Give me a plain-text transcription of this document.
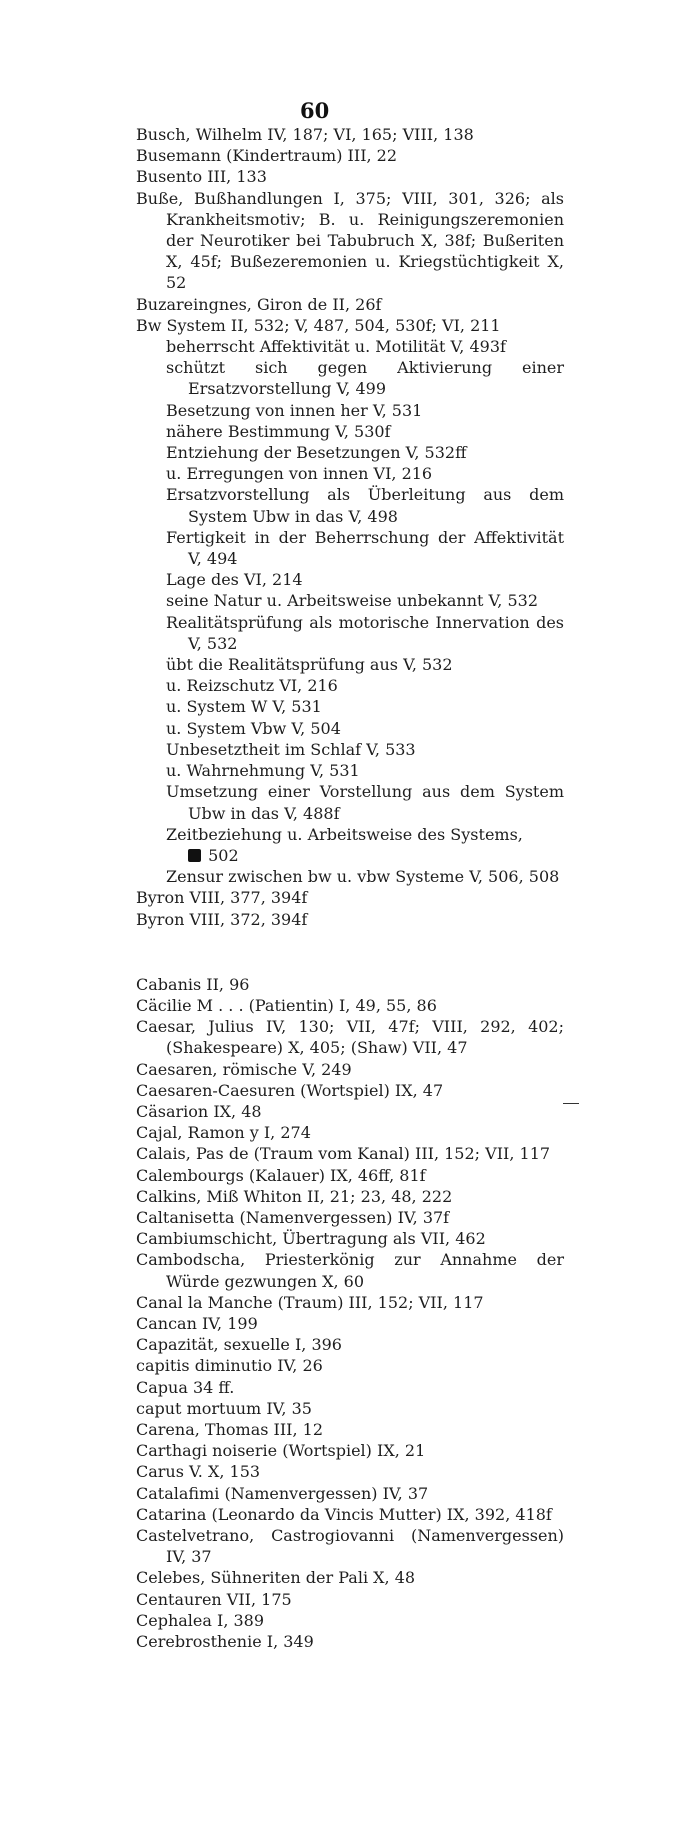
60

Busch, Wilhelm IV, 187; VI, 165; VIII, 138

Busemann (Kindertraum) III, 22

Busento III, 133

Buße, Bußhandlungen I, 375; VIII, 301, 326; als Krankheitsmotiv; B. u. Reinigungszeremonien der Neurotiker bei Tabubruch X, 38f; Bußeriten X, 45f; Bußezeremonien u. Kriegstüchtigkeit X, 52

Buzareingnes, Giron de II, 26f

Bw System II, 532; V, 487, 504, 530f; VI, 211

beherrscht Affektivität u. Motilität V, 493f

schützt sich gegen Aktivierung einer Ersatzvorstellung V, 499

Besetzung von innen her V, 531

nähere Bestimmung V, 530f

Entziehung der Besetzungen V, 532ff

u. Erregungen von innen VI, 216

Ersatzvorstellung als Überleitung aus dem System Ubw in das V, 498

Fertigkeit in der Beherrschung der Affektivität V, 494

Lage des VI, 214

seine Natur u. Arbeitsweise unbekannt V, 532

Realitätsprüfung als motorische Innervation des V, 532

übt die Realitätsprüfung aus V, 532

u. Reizschutz VI, 216

u. System W V, 531

u. System Vbw V, 504

Unbesetztheit im Schlaf V, 533

u. Wahrnehmung V, 531

Umsetzung einer Vorstellung aus dem System Ubw in das V, 488f

Zeitbeziehung u. Arbeitsweise des Systems,
502

Zensur zwischen bw u. vbw Systeme V, 506, 508

Byron VIII, 377, 394f

Byron VIII, 372, 394f

Cabanis II, 96

Cäcilie M . . . (Patientin) I, 49, 55, 86

Caesar, Julius IV, 130; VII, 47f; VIII, 292, 402; (Shakespeare) X, 405; (Shaw) VII, 47

Caesaren, römische V, 249

Caesaren-Caesuren (Wortspiel) IX, 47

Cäsarion IX, 48

Cajal, Ramon y I, 274

Calais, Pas de (Traum vom Kanal) III, 152; VII, 117

Calembourgs (Kalauer) IX, 46ff, 81f

Calkins, Miß Whiton II, 21; 23, 48, 222

Caltanisetta (Namenvergessen) IV, 37f

Cambiumschicht, Übertragung als VII, 462

Cambodscha, Priesterkönig zur Annahme der Würde gezwungen X, 60

Canal la Manche (Traum) III, 152; VII, 117

Cancan IV, 199

Capazität, sexuelle I, 396

capitis diminutio IV, 26

Capua 34 ff.

caput mortuum IV, 35

Carena, Thomas III, 12

Carthagi noiserie (Wortspiel) IX, 21

Carus V. X, 153

Catalafimi (Namenvergessen) IV, 37

Catarina (Leonardo da Vincis Mutter) IX, 392, 418f

Castelvetrano, Castrogiovanni (Namenvergessen) IV, 37

Celebes, Sühneriten der Pali X, 48

Centauren VII, 175

Cephalea I, 389

Cerebrosthenie I, 349
